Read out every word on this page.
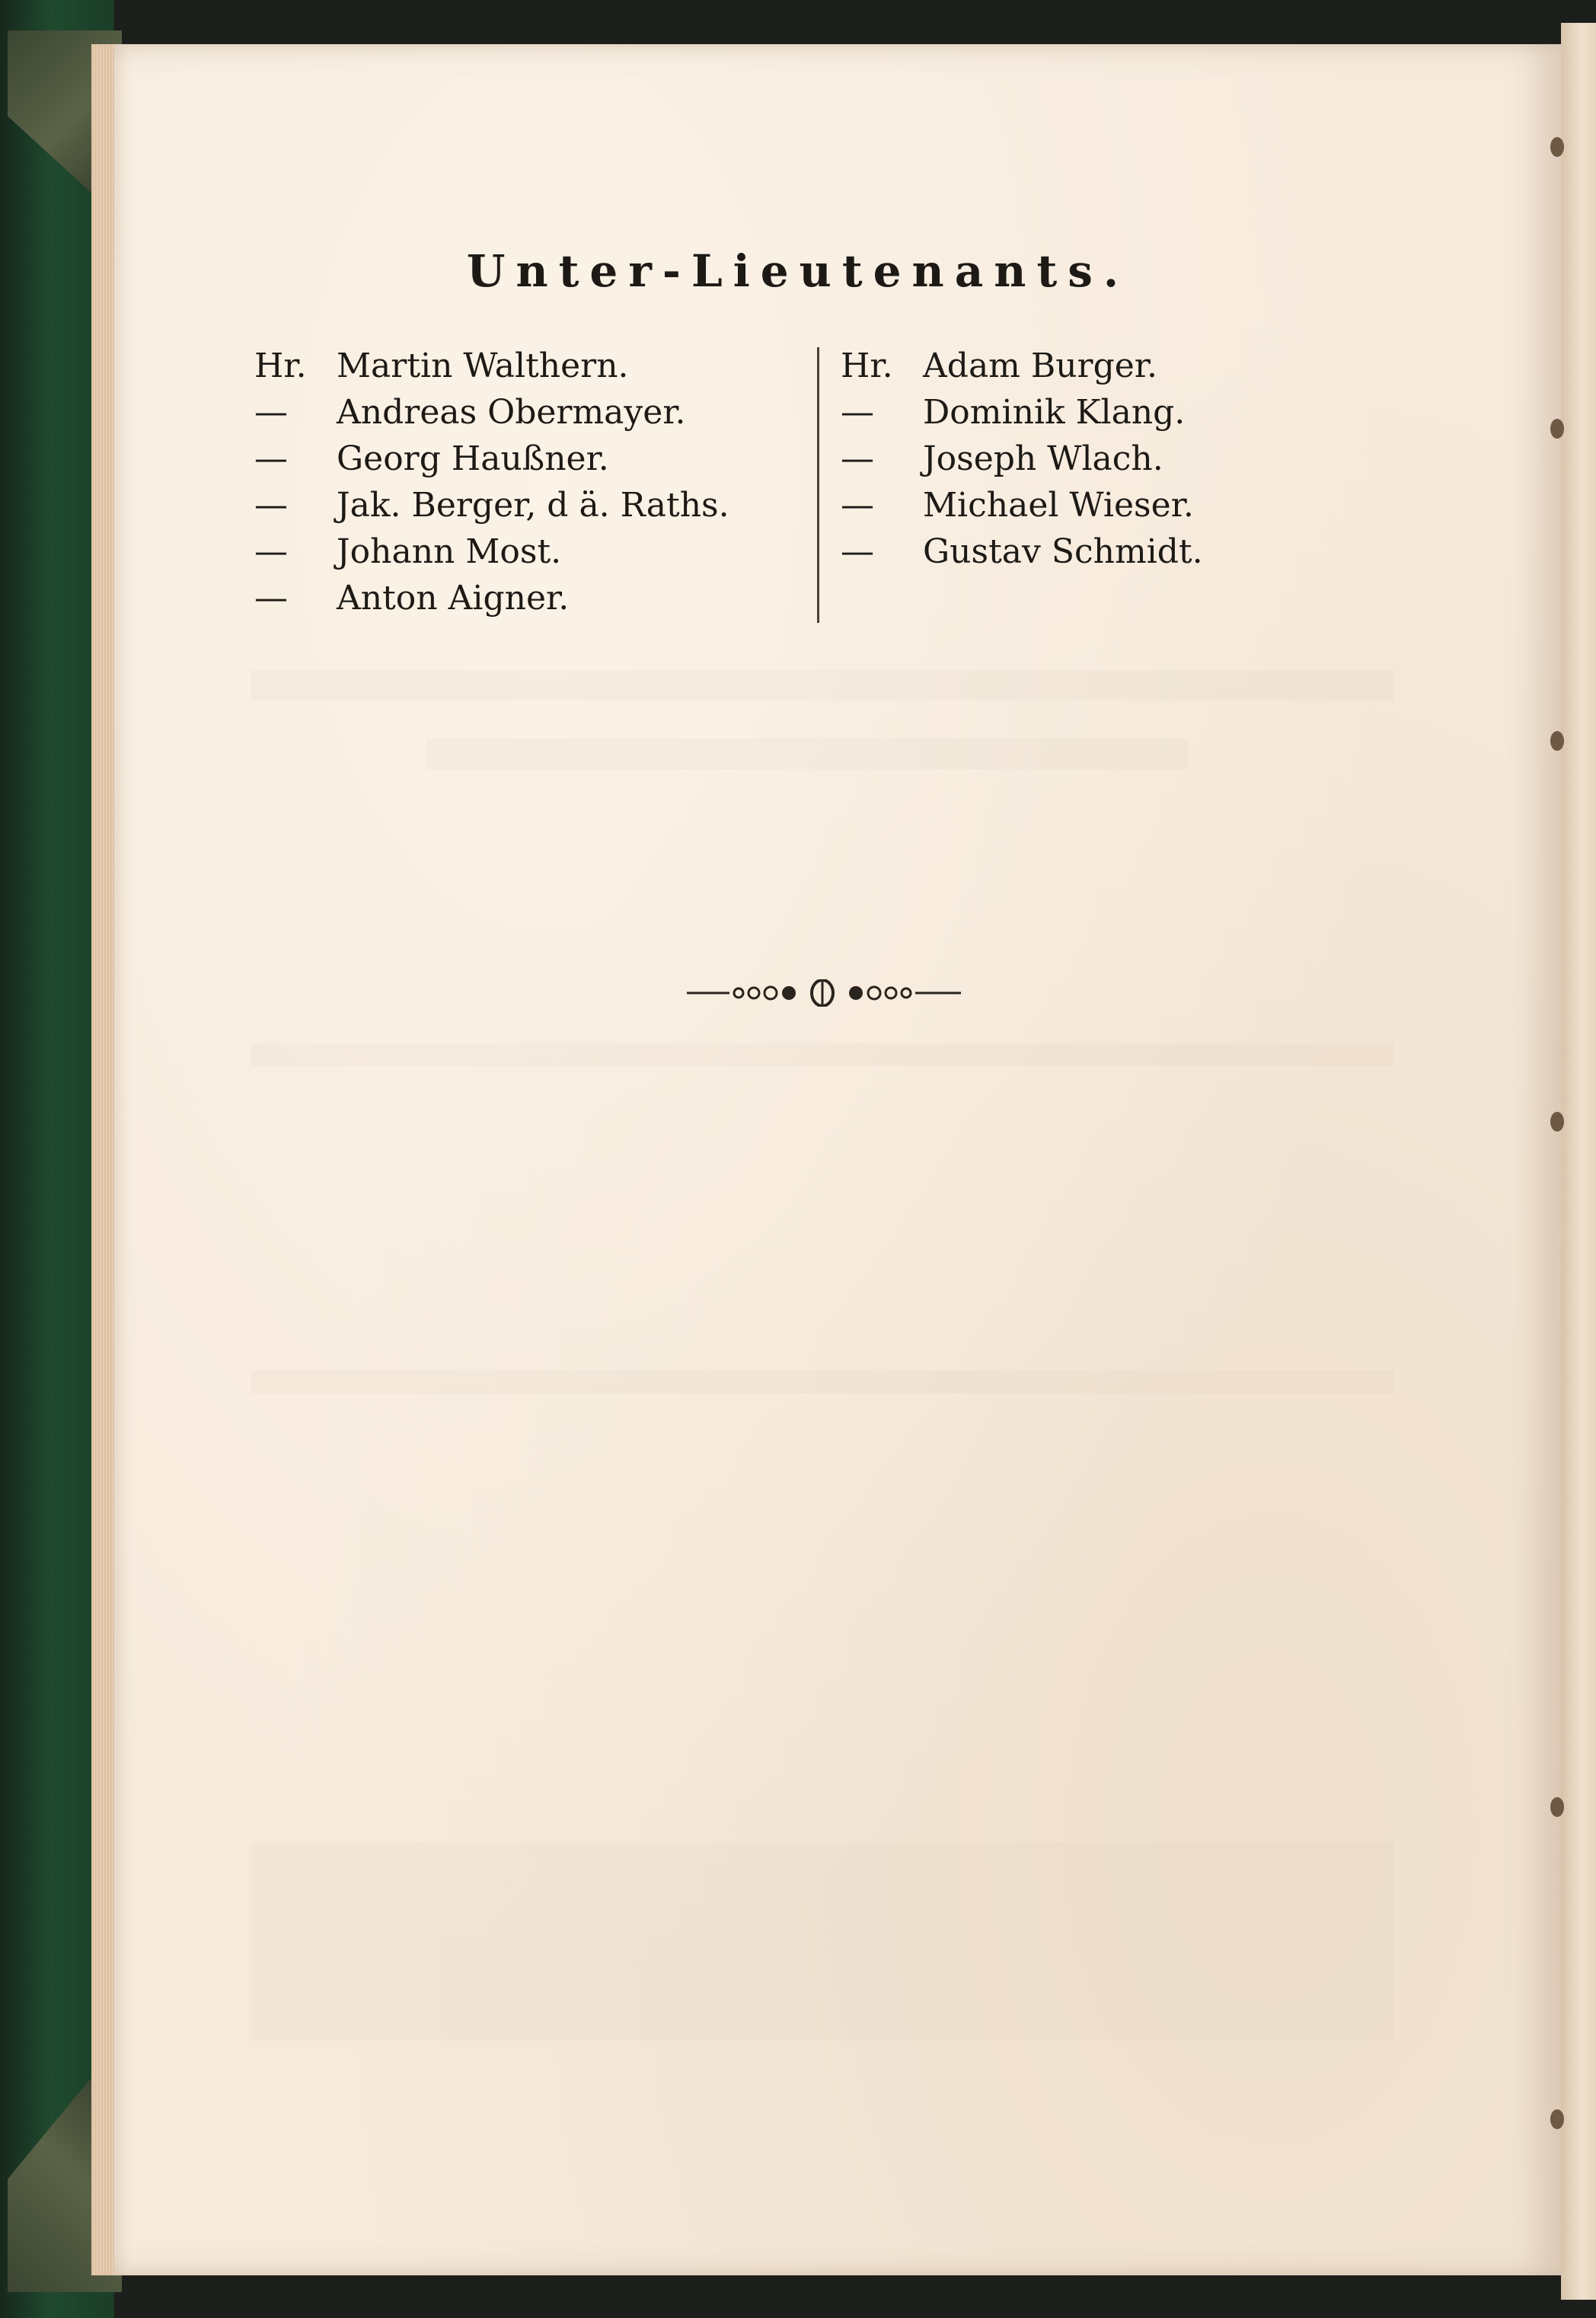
Unter-Lieutenants.
Hr. Martin Walthern.
—	Andreas Obermayer.
—	Georg Haußner.
—	Jak. Berger, d ä. Raths.
—	Johann Most.
—	Anton Aigner.
Hr. Adam Burger.
—	Dominik Klang.
—	Joseph Wlach.
—	Michael Wieser.
—	Gustav Schmidt.
